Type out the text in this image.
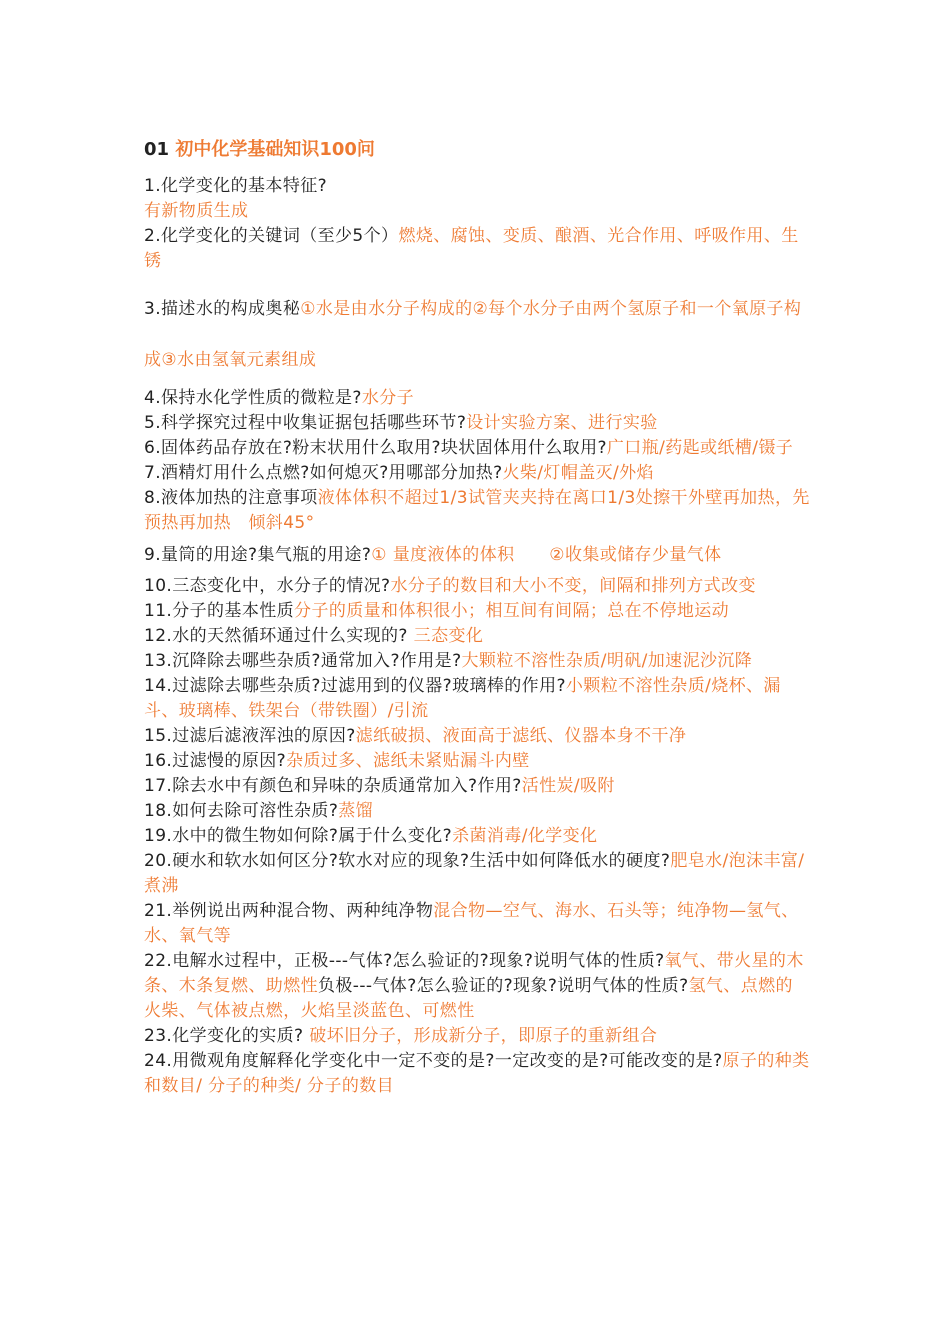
01 初中化学基础知识100问

1.化学变化的基本特征?

有新物质生成

2.化学变化的关键词（至少5个）燃烧、腐蚀、变质、酿酒、光合作用、呼吸作用、生锈

3.描述水的构成奥秘①水是由水分子构成的②每个水分子由两个氢原子和一个氧原子构成③水由氢氧元素组成

4.保持水化学性质的微粒是?水分子

5.科学探究过程中收集证据包括哪些环节?设计实验方案、进行实验

6.固体药品存放在?粉末状用什么取用?块状固体用什么取用?广口瓶/药匙或纸槽/镊子

7.酒精灯用什么点燃?如何熄灭?用哪部分加热?火柴/灯帽盖灭/外焰

8.液体加热的注意事项液体体积不超过1/3试管夹夹持在离口1/3处擦干外壁再加热，先预热再加热　倾斜45°

9.量筒的用途?集气瓶的用途?① 量度液体的体积　　②收集或储存少量气体

10.三态变化中，水分子的情况?水分子的数目和大小不变，间隔和排列方式改变

11.分子的基本性质分子的质量和体积很小；相互间有间隔；总在不停地运动

12.水的天然循环通过什么实现的? 三态变化

13.沉降除去哪些杂质?通常加入?作用是?大颗粒不溶性杂质/明矾/加速泥沙沉降

14.过滤除去哪些杂质?过滤用到的仪器?玻璃棒的作用?小颗粒不溶性杂质/烧杯、漏斗、玻璃棒、铁架台（带铁圈）/引流

15.过滤后滤液浑浊的原因?滤纸破损、液面高于滤纸、仪器本身不干净

16.过滤慢的原因?杂质过多、滤纸未紧贴漏斗内壁

17.除去水中有颜色和异味的杂质通常加入?作用?活性炭/吸附

18.如何去除可溶性杂质?蒸馏

19.水中的微生物如何除?属于什么变化?杀菌消毒/化学变化

20.硬水和软水如何区分?软水对应的现象?生活中如何降低水的硬度?肥皂水/泡沫丰富/煮沸

21.举例说出两种混合物、两种纯净物混合物—空气、海水、石头等；纯净物—氢气、水、氧气等

22.电解水过程中，正极---气体?怎么验证的?现象?说明气体的性质?氧气、带火星的木条、木条复燃、助燃性负极---气体?怎么验证的?现象?说明气体的性质?氢气、点燃的火柴、气体被点燃，火焰呈淡蓝色、可燃性

23.化学变化的实质? 破坏旧分子，形成新分子，即原子的重新组合

24.用微观角度解释化学变化中一定不变的是?一定改变的是?可能改变的是?原子的种类和数目/ 分子的种类/ 分子的数目
